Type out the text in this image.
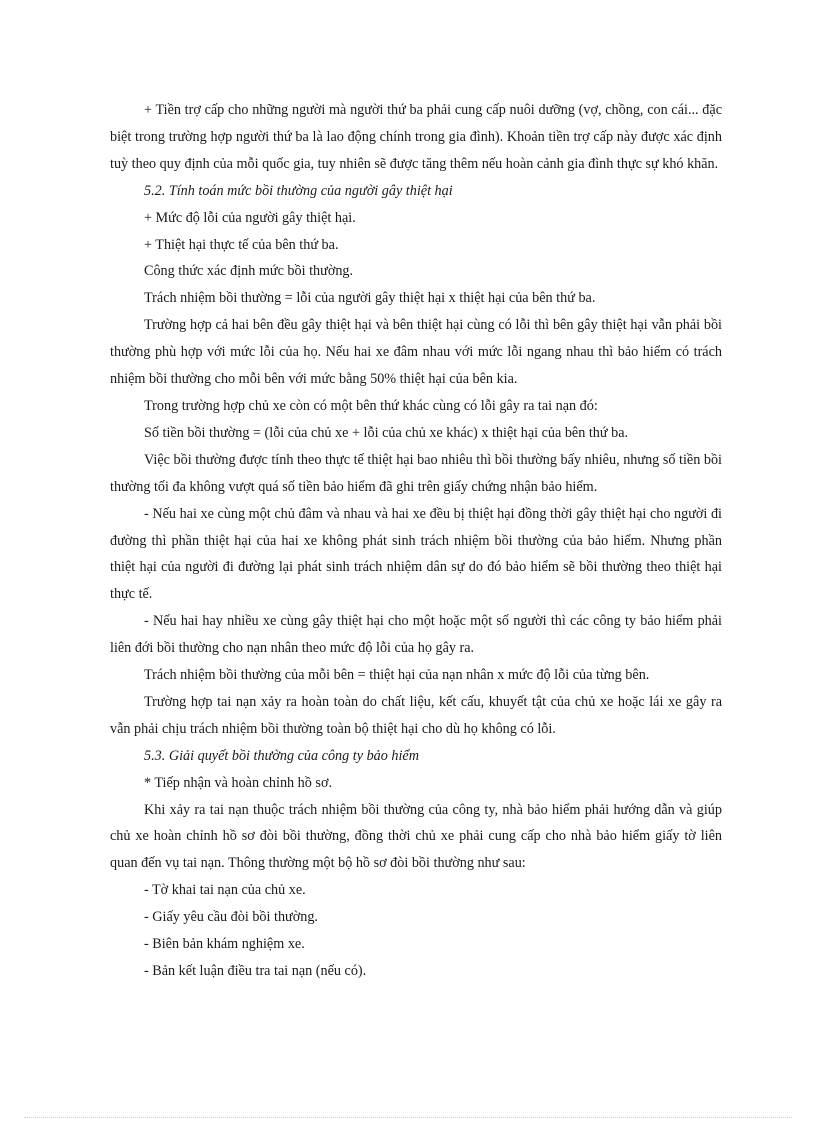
+ Tiền trợ cấp cho những người mà người thứ ba phải cung cấp nuôi dưỡng (vợ, chồng, con cái... đặc biệt trong trường hợp người thứ ba là lao động chính trong gia đình). Khoản tiền trợ cấp này được xác định tuỳ theo quy định của mỗi quốc gia, tuy nhiên sẽ được tăng thêm nếu hoàn cảnh gia đình thực sự khó khăn.

5.2. Tính toán mức bồi thường của người gây thiệt hại

+ Mức độ lỗi của người gây thiệt hại.

+ Thiệt hại thực tế của bên thứ ba.

Công thức xác định mức bồi thường.

Trách nhiệm bồi thường = lỗi của người gây thiệt hại x thiệt hại của bên thứ ba.

Trường hợp cả hai bên đều gây thiệt hại và bên thiệt hại cùng có lỗi thì bên gây thiệt hại vẫn phải bồi thường phù hợp với mức lỗi của họ. Nếu hai xe đâm nhau với mức lỗi ngang nhau thì bảo hiểm có trách nhiệm bồi thường cho mỗi bên với mức bằng 50% thiệt hại của bên kia.

Trong trường hợp chủ xe còn có một bên thứ khác cùng có lỗi gây ra tai nạn đó:

Số tiền bồi thường = (lỗi của chủ xe + lỗi của chủ xe khác) x thiệt hại của bên thứ ba.

Việc bồi thường được tính theo thực tế thiệt hại bao nhiêu thì bồi thường bấy nhiêu, nhưng số tiền bồi thường tối đa không vượt quá số tiền bảo hiểm đã ghi trên giấy chứng nhận bảo hiểm.

- Nếu hai xe cùng một chủ đâm và nhau và hai xe đều bị thiệt hại đồng thời gây thiệt hại cho người đi đường thì phần thiệt hại của hai xe không phát sinh trách nhiệm bồi thường của bảo hiểm. Nhưng phần thiệt hại của người đi đường lại phát sinh trách nhiệm dân sự do đó bảo hiểm sẽ bồi thường theo thiệt hại thực tế.

- Nếu hai hay nhiều xe cùng gây thiệt hại cho một hoặc một số người thì các công ty bảo hiểm phải liên đới bồi thường cho nạn nhân theo mức độ lỗi của họ gây ra.

Trách nhiệm bồi thường của mỗi bên = thiệt hại của nạn nhân x mức độ lỗi của từng bên.

Trường hợp tai nạn xảy ra hoàn toàn do chất liệu, kết cấu, khuyết tật của chủ xe hoặc lái xe gây ra vẫn phải chịu trách nhiệm bồi thường toàn bộ thiệt hại cho dù họ không có lỗi.

5.3. Giải quyết bồi thường của công ty bảo hiểm

* Tiếp nhận và hoàn chỉnh hồ sơ.

Khi xảy ra tai nạn thuộc trách nhiệm bồi thường của công ty, nhà bảo hiểm phải hướng dẫn và giúp chủ xe hoàn chỉnh hồ sơ đòi bồi thường, đồng thời chủ xe phải cung cấp cho nhà bảo hiểm giấy tờ liên quan đến vụ tai nạn. Thông thường một bộ hồ sơ đòi bồi thường như sau:

- Tờ khai tai nạn của chủ xe.

- Giấy yêu cầu đòi bồi thường.

- Biên bản khám nghiệm xe.

- Bản kết luận điều tra tai nạn (nếu có).
